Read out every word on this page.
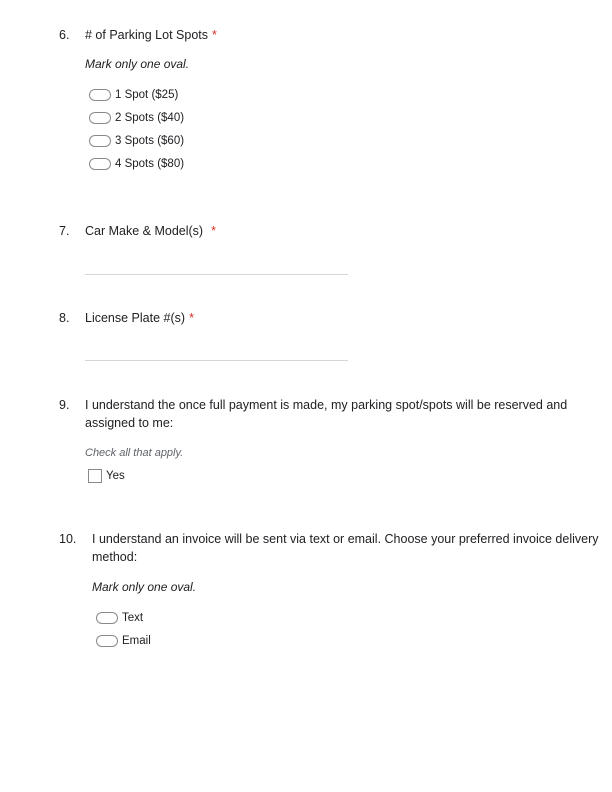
6. # of Parking Lot Spots *
Mark only one oval.
1 Spot ($25)
2 Spots ($40)
3 Spots ($60)
4 Spots ($80)
7. Car Make & Model(s) *
8. License Plate #(s) *
9. I understand the once full payment is made, my parking spot/spots will be reserved and
assigned to me:
Check all that apply.
Yes
10. I understand an invoice will be sent via text or email. Choose your preferred invoice delivery
method:
Mark only one oval.
Text
Email
